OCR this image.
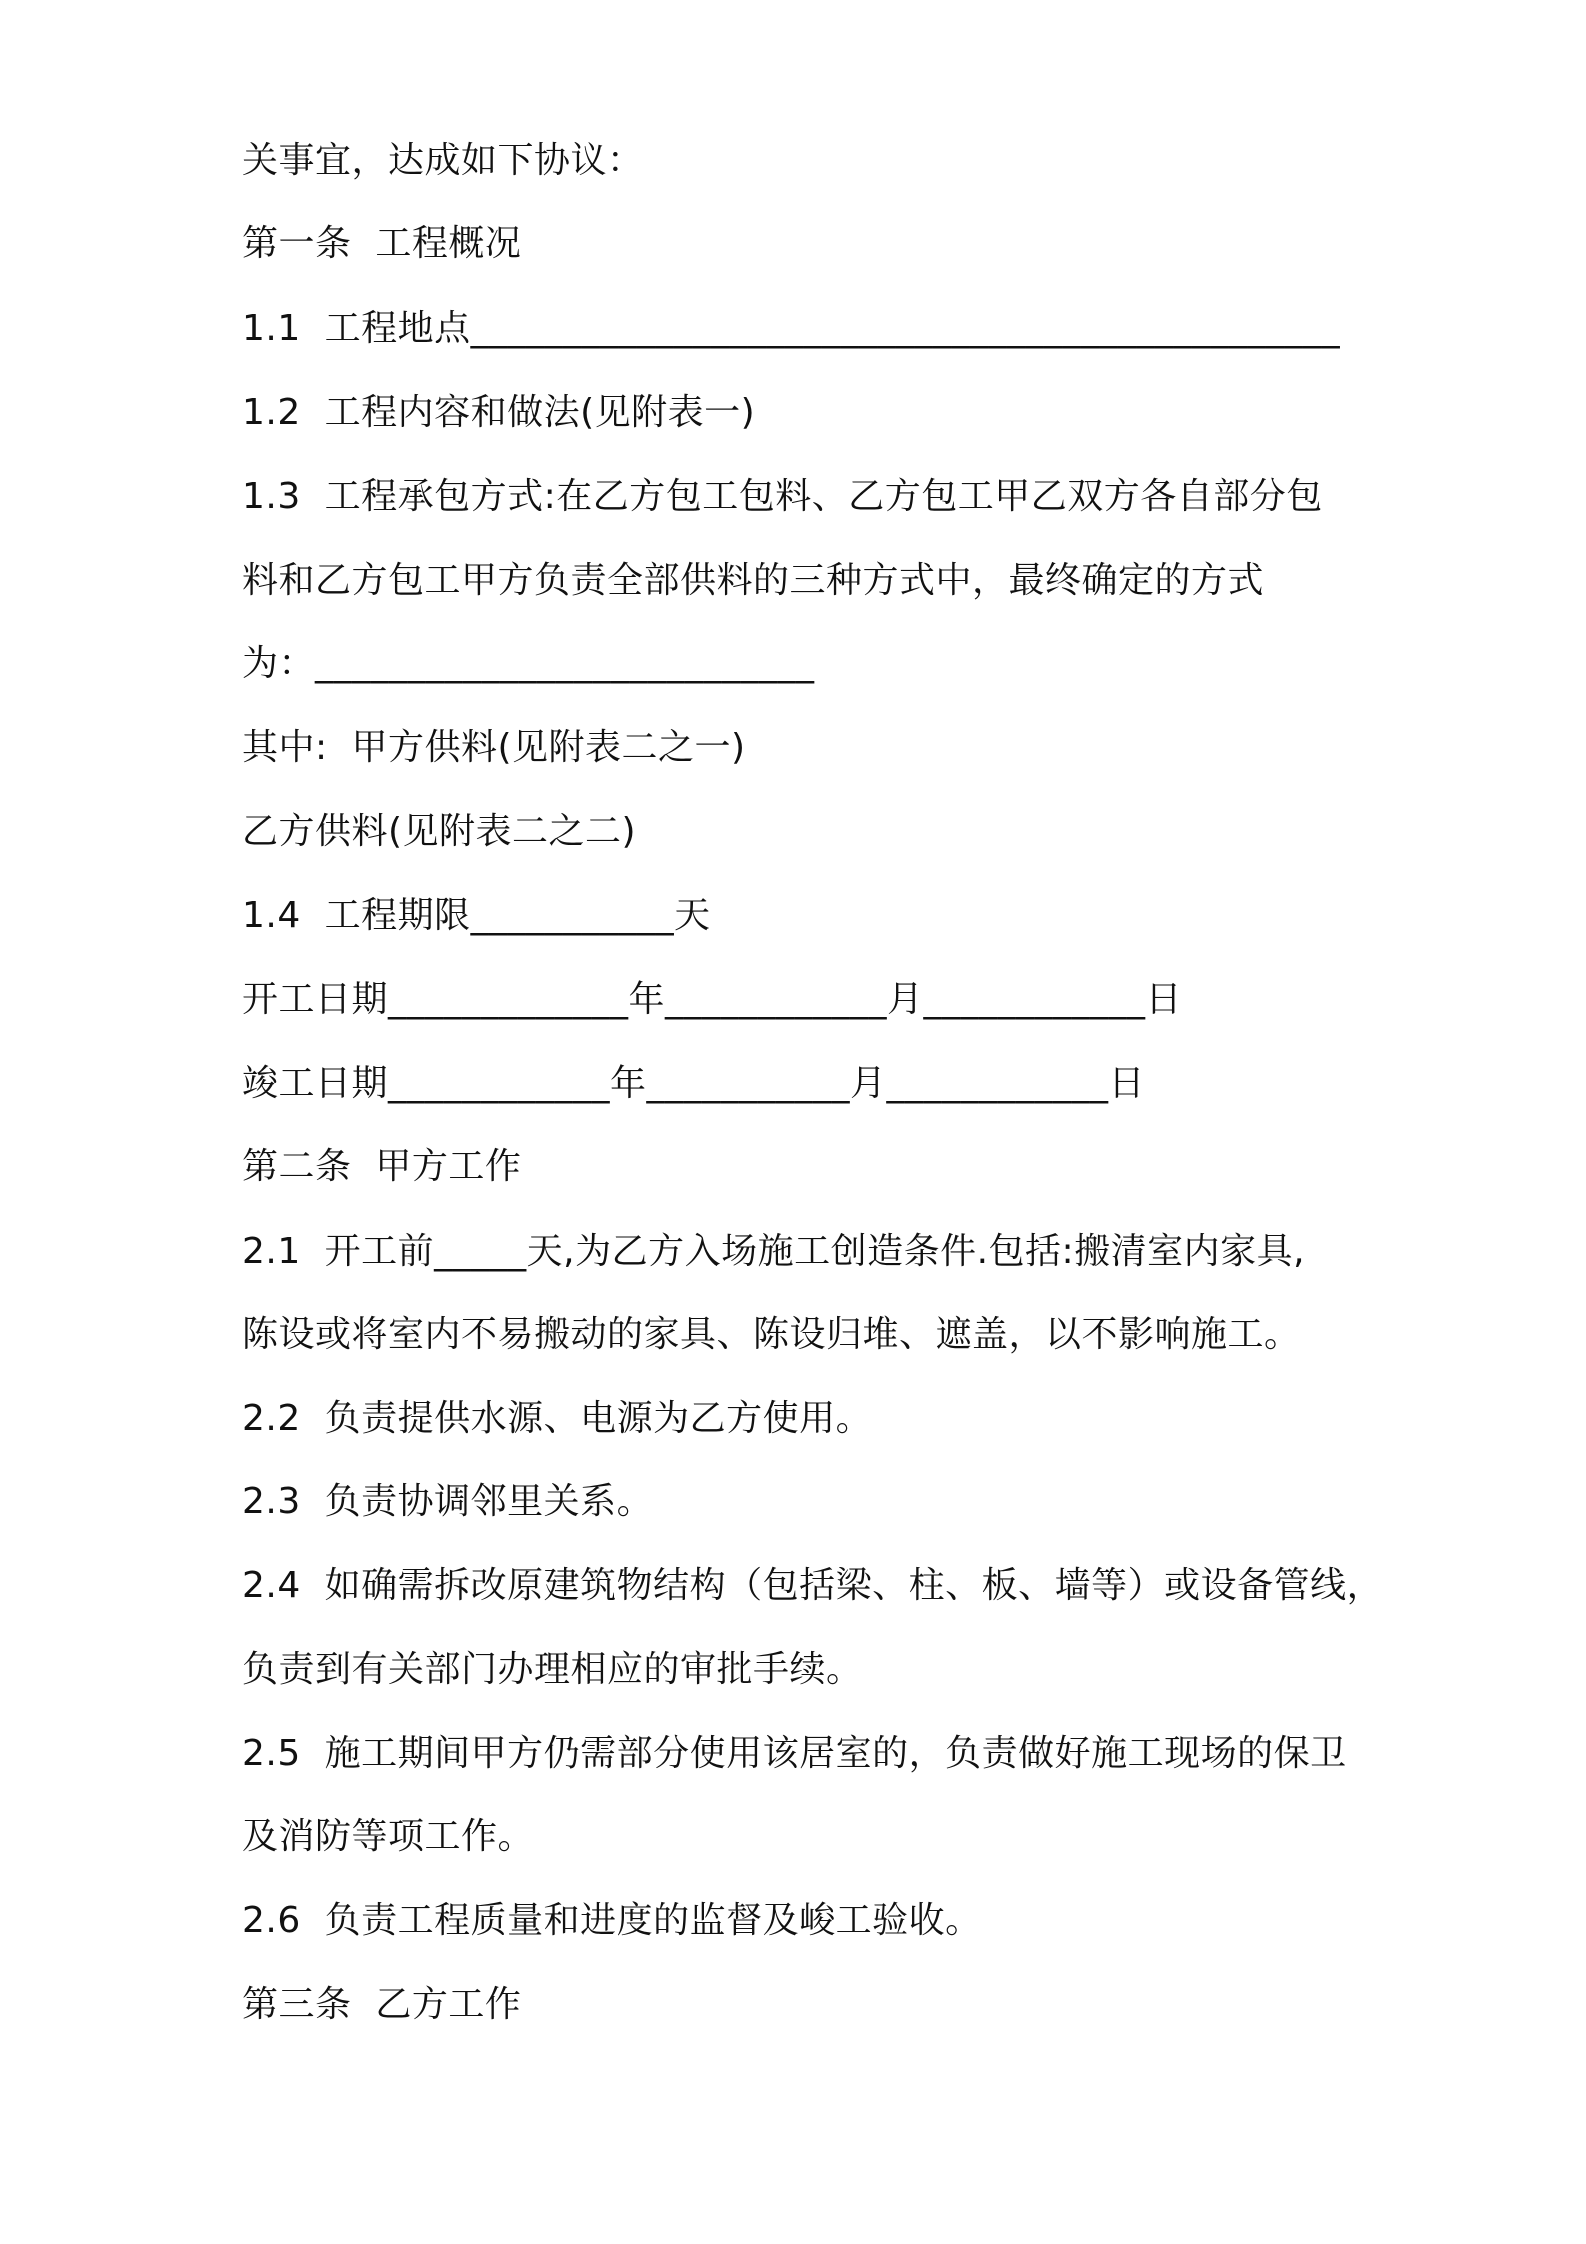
关事宜，达成如下协议：
第一条  工程概况
1.1  工程地点_______________________________________________
1.2  工程内容和做法(见附表一)
1.3  工程承包方式:在乙方包工包料、乙方包工甲乙双方各自部分包
料和乙方包工甲方负责全部供料的三种方式中，最终确定的方式
为：___________________________
其中:  甲方供料(见附表二之一)
乙方供料(见附表二之二)
1.4  工程期限___________天
开工日期_____________年____________月____________日
竣工日期____________年___________月____________日
第二条  甲方工作
2.1  开工前_____天,为乙方入场施工创造条件.包括:搬清室内家具,
陈设或将室内不易搬动的家具、陈设归堆、遮盖，以不影响施工。
2.2  负责提供水源、电源为乙方使用。
2.3  负责协调邻里关系。
2.4  如确需拆改原建筑物结构（包括梁、柱、板、墙等）或设备管线，
负责到有关部门办理相应的审批手续。
2.5  施工期间甲方仍需部分使用该居室的，负责做好施工现场的保卫
及消防等项工作。
2.6  负责工程质量和进度的监督及峻工验收。
第三条  乙方工作
